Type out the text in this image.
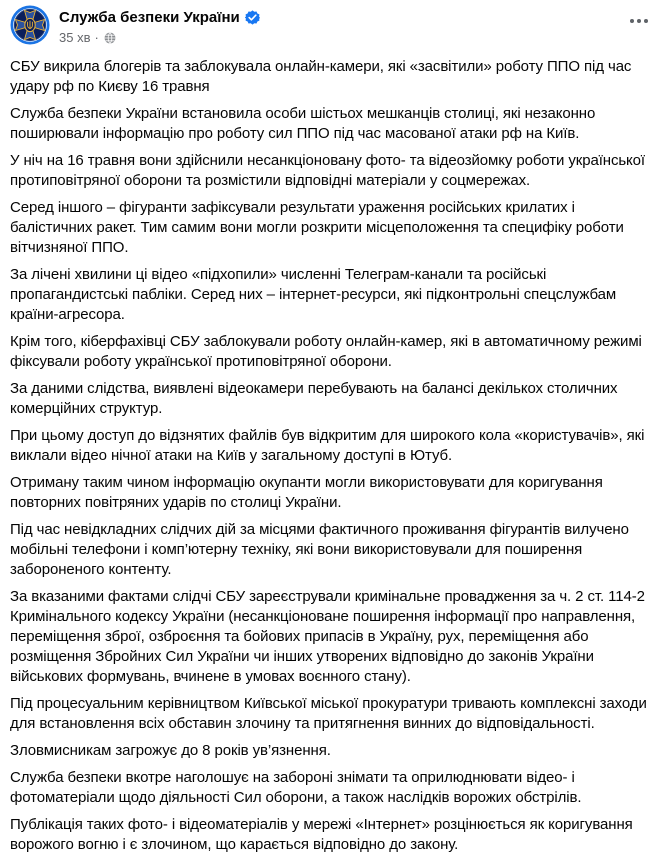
Служба безпеки України
35 хв ·

СБУ викрила блогерів та заблокувала онлайн-камери, які «засвітили» роботу ППО під час удару рф по Києву 16 травня

Служба безпеки України встановила особи шістьох мешканців столиці, які незаконно поширювали інформацію про роботу сил ППО під час масованої атаки рф на Київ.

У ніч на 16 травня вони здійснили несанкціоновану фото- та відеозйомку роботи української протиповітряної оборони та розмістили відповідні матеріали у соцмережах.

Серед іншого – фігуранти зафіксували результати ураження російських крилатих і балістичних ракет. Тим самим вони могли розкрити місцеположення та специфіку роботи вітчизняної ППО.

За лічені хвилини ці відео «підхопили» численні Телеграм-канали та російські пропагандистські пабліки. Серед них – інтернет-ресурси, які підконтрольні спецслужбам країни-агресора.

Крім того, кіберфахівці СБУ заблокували роботу онлайн-камер, які в автоматичному режимі фіксували роботу української протиповітряної оборони.

За даними слідства, виявлені відеокамери перебувають на балансі декількох столичних комерційних структур.

При цьому доступ до відзнятих файлів був відкритим для широкого кола «користувачів», які виклали відео нічної атаки на Київ у загальному доступі в Ютуб.

Отриману таким чином інформацію окупанти могли використовувати для коригування повторних повітряних ударів по столиці України.

Під час невідкладних слідчих дій за місцями фактичного проживання фігурантів вилучено мобільні телефони і комп’ютерну техніку, які вони використовували для поширення забороненого контенту.

За вказаними фактами слідчі СБУ зареєстрували кримінальне провадження за ч. 2 ст. 114-2 Кримінального кодексу України (несанкціоноване поширення інформації про направлення, переміщення зброї, озброєння та бойових припасів в Україну, рух, переміщення або розміщення Збройних Сил України чи інших утворених відповідно до законів України військових формувань, вчинене в умовах воєнного стану).

Під процесуальним керівництвом Київської міської прокуратури тривають комплексні заходи для встановлення всіх обставин злочину та притягнення винних до відповідальності.

Зловмисникам загрожує до 8 років ув’язнення.

Служба безпеки вкотре наголошує на забороні знімати та оприлюднювати відео- і фотоматеріали щодо діяльності Сил оборони, а також наслідків ворожих обстрілів.

Публікація таких фото- і відеоматеріалів у мережі «Інтернет» розцінюється як коригування ворожого вогню і є злочином, що карається відповідно до закону.
